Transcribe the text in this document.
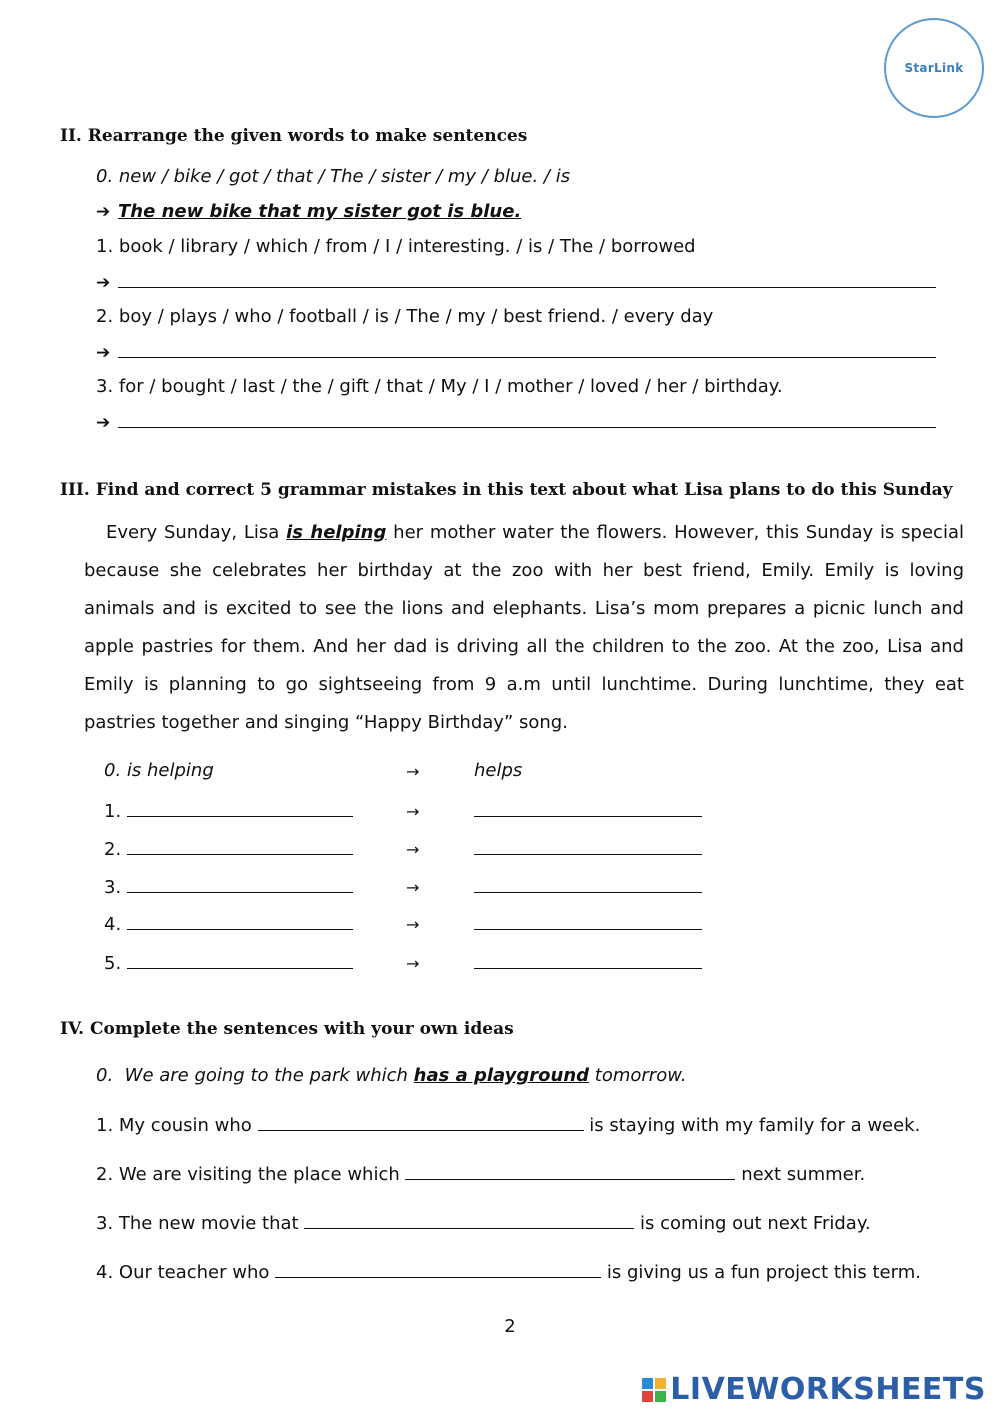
StarLink
II. Rearrange the given words to make sentences
0. new / bike / got / that / The / sister / my / blue. / is
➔ The new bike that my sister got is blue.
1. book / library / which / from / I / interesting. / is / The / borrowed
➔
2. boy / plays / who / football / is / The / my / best friend. / every day
➔
3. for / bought / last / the / gift / that / My / I / mother / loved / her / birthday.
➔
III. Find and correct 5 grammar mistakes in this text about what Lisa plans to do this Sunday

Every Sunday, Lisa is helping her mother water the flowers. However, this Sunday is special because she celebrates her birthday at the zoo with her best friend, Emily. Emily is loving animals and is excited to see the lions and elephants. Lisa’s mom prepares a picnic lunch and apple pastries for them. And her dad is driving all the children to the zoo. At the zoo, Lisa and Emily is planning to go sightseeing from 9 a.m until lunchtime. During lunchtime, they eat pastries together and singing “Happy Birthday” song.

0. is helping	→	helps
1.	→
2.	→
3.	→
4.	→
5.	→
IV. Complete the sentences with your own ideas
0. We are going to the park which has a playground tomorrow.
1. My cousin who	is staying with my family for a week.
2. We are visiting the place which	next summer.
3. The new movie that	is coming out next Friday.
4. Our teacher who	is giving us a fun project this term.
2
LIVEWORKSHEETS
